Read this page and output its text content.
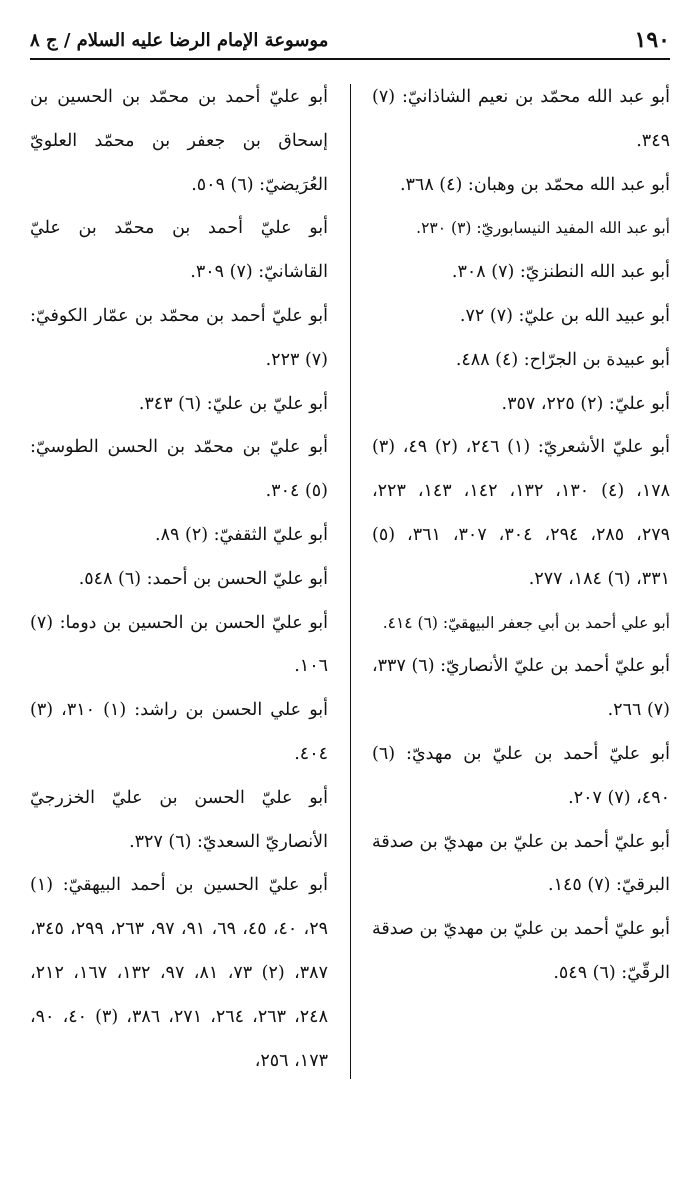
١٩٠
موسوعة الإمام الرضا عليه السلام / ج ٨
أبو عبد الله محمّد بن نعيم الشاذانيّ: (٧) ٣٤٩.
أبو عبد الله محمّد بن وهبان: (٤) ٣٦٨.
أبو عبد الله المفيد النيسابوريّ: (٣) ٢٣٠.
أبو عبد الله النطنزيّ: (٧) ٣٠٨.
أبو عبيد الله بن عليّ: (٧) ٧٢.
أبو عبيدة بن الجرّاح: (٤) ٤٨٨.
أبو عليّ: (٢) ٢٢٥، ٣٥٧.
أبو عليّ الأشعريّ: (١) ٢٤٦، (٢) ٤٩، (٣) ١٧٨، (٤) ١٣٠، ١٣٢، ١٤٢، ١٤٣، ٢٢٣، ٢٧٩، ٢٨٥، ٢٩٤، ٣٠٤، ٣٠٧، ٣٦١، (٥) ٣٣١، (٦) ١٨٤، ٢٧٧.
أبو علي أحمد بن أبي جعفر البيهقيّ: (٦) ٤١٤.
أبو عليّ أحمد بن عليّ الأنصاريّ: (٦) ٣٣٧، (٧) ٢٦٦.
أبو عليّ أحمد بن عليّ بن مهديّ: (٦) ٤٩٠، (٧) ٢٠٧.
أبو عليّ أحمد بن عليّ بن مهديّ بن صدقة البرقيّ: (٧) ١٤٥.
أبو عليّ أحمد بن عليّ بن مهديّ بن صدقة الرقّيّ: (٦) ٥٤٩.
أبو عليّ أحمد بن محمّد بن الحسين بن إسحاق بن جعفر بن محمّد العلويّ العُرَيضيّ: (٦) ٥٠٩.
أبو عليّ أحمد بن محمّد بن عليّ القاشانيّ: (٧) ٣٠٩.
أبو عليّ أحمد بن محمّد بن عمّار الكوفيّ: (٧) ٢٢٣.
أبو عليّ بن عليّ: (٦) ٣٤٣.
أبو عليّ بن محمّد بن الحسن الطوسيّ: (٥) ٣٠٤.
أبو عليّ الثقفيّ: (٢) ٨٩.
أبو عليّ الحسن بن أحمد: (٦) ٥٤٨.
أبو عليّ الحسن بن الحسين بن دوما: (٧) ١٠٦.
أبو علي الحسن بن راشد: (١) ٣١٠، (٣) ٤٠٤.
أبو عليّ الحسن بن عليّ الخزرجيّ الأنصاريّ السعديّ: (٦) ٣٢٧.
أبو عليّ الحسين بن أحمد البيهقيّ: (١) ٢٩، ٤٠، ٤٥، ٦٩، ٩١، ٩٧، ٢٦٣، ٢٩٩، ٣٤٥، ٣٨٧، (٢) ٧٣، ٨١، ٩٧، ١٣٢، ١٦٧، ٢١٢، ٢٤٨، ٢٦٣، ٢٦٤، ٢٧١، ٣٨٦، (٣) ٤٠، ٩٠، ١٧٣، ٢٥٦،
